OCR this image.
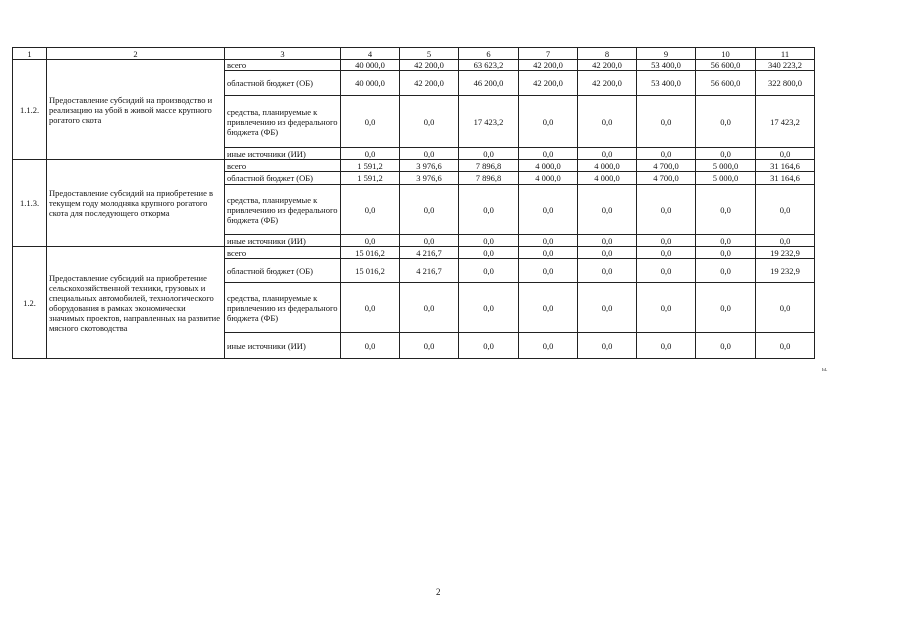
1	2	3	4	5	6	7	8	9	10	11
1.1.2.	Предоставление субсидий на производство и реализацию на убой в живой массе крупного рогатого скота	всего	40 000,0	42 200,0	63 623,2	42 200,0	42 200,0	53 400,0	56 600,0	340 223,2
		областной бюджет (ОБ)	40 000,0	42 200,0	46 200,0	42 200,0	42 200,0	53 400,0	56 600,0	322 800,0
		средства, планируемые к привлечению из федерального бюджета (ФБ)	0,0	0,0	17 423,2	0,0	0,0	0,0	0,0	17 423,2
		иные источники (ИИ)	0,0	0,0	0,0	0,0	0,0	0,0	0,0	0,0
1.1.3.	Предоставление субсидий на приобретение в текущем году молодняка крупного рогатого скота для последующего откорма	всего	1 591,2	3 976,6	7 896,8	4 000,0	4 000,0	4 700,0	5 000,0	31 164,6
		областной бюджет (ОБ)	1 591,2	3 976,6	7 896,8	4 000,0	4 000,0	4 700,0	5 000,0	31 164,6
		средства, планируемые к привлечению из федерального бюджета (ФБ)	0,0	0,0	0,0	0,0	0,0	0,0	0,0	0,0
		иные источники (ИИ)	0,0	0,0	0,0	0,0	0,0	0,0	0,0	0,0
1.2.	Предоставление субсидий на приобретение сельскохозяйственной техники, грузовых и специальных автомобилей, технологического оборудования в рамках экономически значимых проектов, направленных на развитие мясного скотоводства	всего	15 016,2	4 216,7	0,0	0,0	0,0	0,0	0,0	19 232,9
		областной бюджет (ОБ)	15 016,2	4 216,7	0,0	0,0	0,0	0,0	0,0	19 232,9
		средства, планируемые к привлечению из федерального бюджета (ФБ)	0,0	0,0	0,0	0,0	0,0	0,0	0,0	0,0
		иные источники (ИИ)	0,0	0,0	0,0	0,0	0,0	0,0	0,0	0,0
2
ы.
